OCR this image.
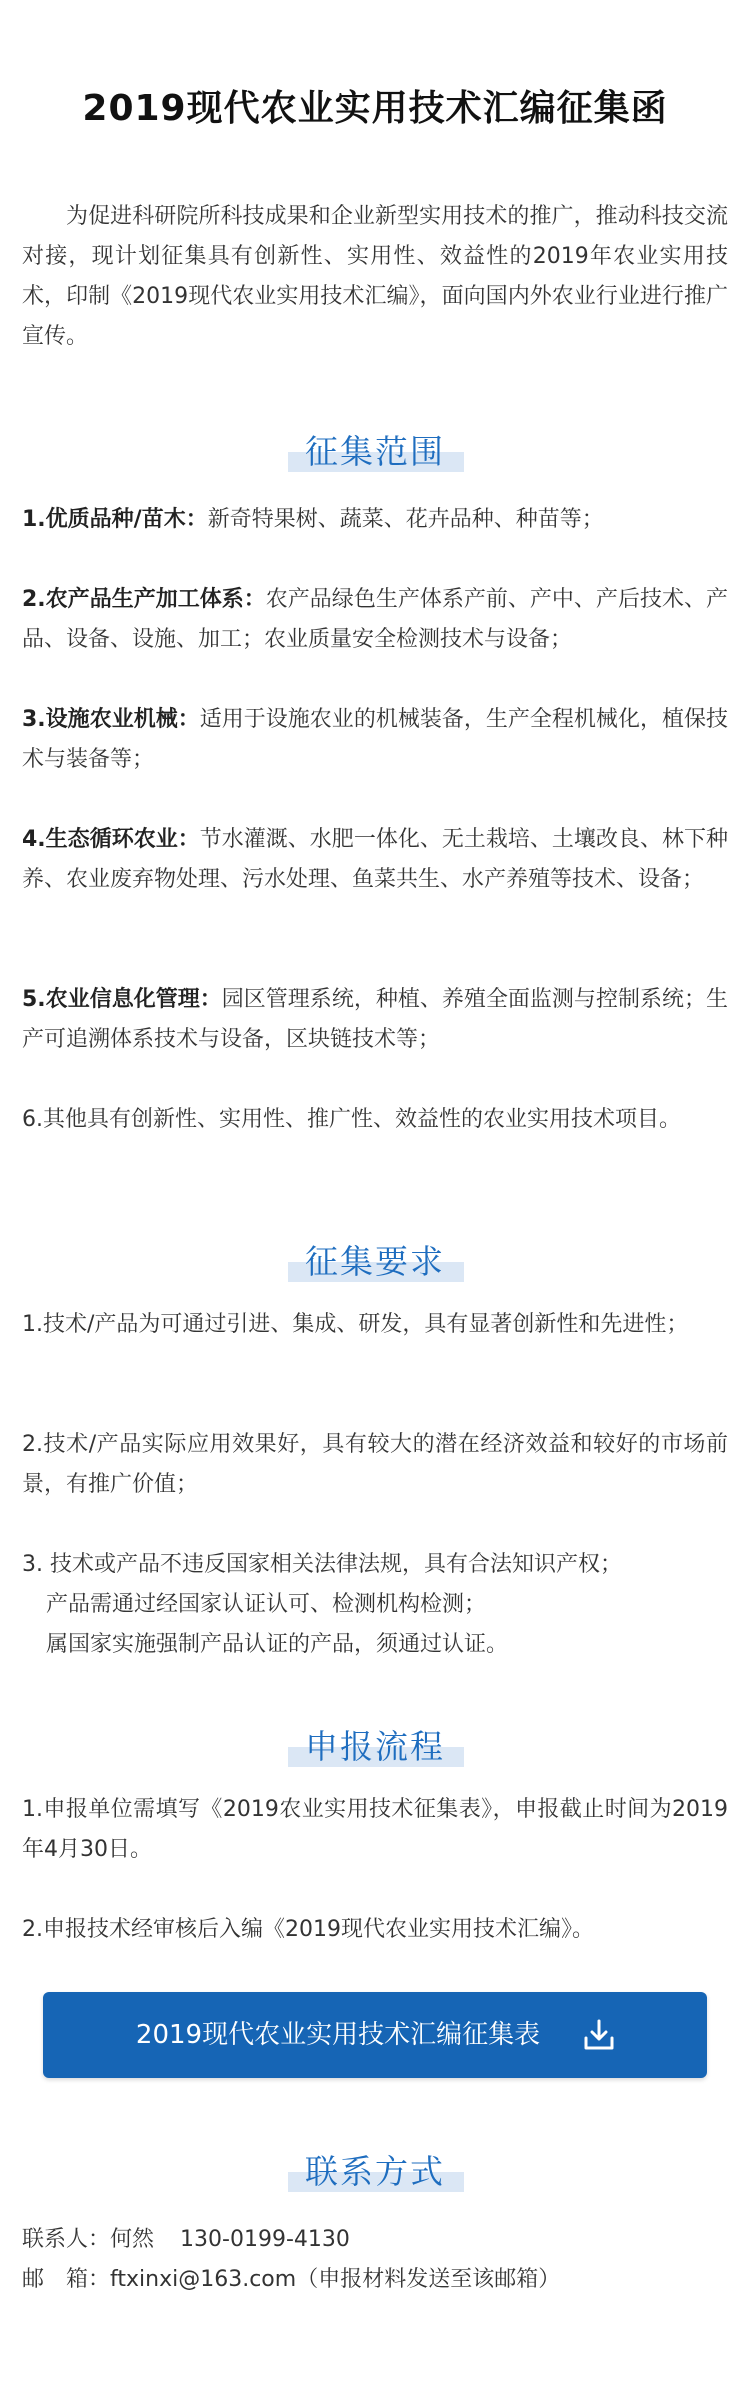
2019现代农业实用技术汇编征集函
为促进科研院所科技成果和企业新型实用技术的推广，推动科技交流对接，现计划征集具有创新性、实用性、效益性的2019年农业实用技术，印制《2019现代农业实用技术汇编》，面向国内外农业行业进行推广宣传。
征集范围
1.优质品种/苗木：新奇特果树、蔬菜、花卉品种、种苗等；
2.农产品生产加工体系：农产品绿色生产体系产前、产中、产后技术、产品、设备、设施、加工；农业质量安全检测技术与设备；
3.设施农业机械：适用于设施农业的机械装备，生产全程机械化，植保技术与装备等；
4.生态循环农业：节水灌溉、水肥一体化、无土栽培、土壤改良、林下种养、农业废弃物处理、污水处理、鱼菜共生、水产养殖等技术、设备；
5.农业信息化管理：园区管理系统，种植、养殖全面监测与控制系统；生产可追溯体系技术与设备，区块链技术等；
6.其他具有创新性、实用性、推广性、效益性的农业实用技术项目。
征集要求
1.技术/产品为可通过引进、集成、研发，具有显著创新性和先进性；
2.技术/产品实际应用效果好，具有较大的潜在经济效益和较好的市场前景，有推广价值；
3. 技术或产品不违反国家相关法律法规，具有合法知识产权；
产品需通过经国家认证认可、检测机构检测；
属国家实施强制产品认证的产品，须通过认证。
申报流程
1.申报单位需填写《2019农业实用技术征集表》，申报截止时间为2019年4月30日。
2.申报技术经审核后入编《2019现代农业实用技术汇编》。
2019现代农业实用技术汇编征集表
联系方式
联系人：何然 130-0199-4130
邮　箱：ftxinxi@163.com（申报材料发送至该邮箱）
